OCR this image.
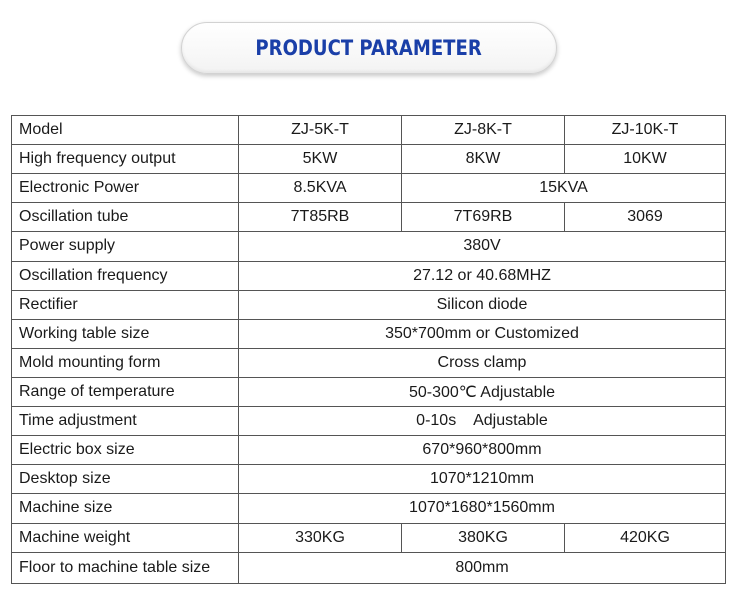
PRODUCT PARAMETER
Model	ZJ-5K-T	ZJ-8K-T	ZJ-10K-T
High frequency output	5KW	8KW	10KW
Electronic Power	8.5KVA	15KVA	
Oscillation tube	7T85RB	7T69RB	3069
Power supply	380V		
Oscillation frequency	27.12 or 40.68MHZ		
Rectifier	Silicon diode		
Working table size	350*700mm or Customized		
Mold mounting form	Cross clamp		
Range of temperature	50-300℃ Adjustable		
Time adjustment	0-10s    Adjustable		
Electric box size	670*960*800mm		
Desktop size	1070*1210mm		
Machine size	1070*1680*1560mm		
Machine weight	330KG	380KG	420KG
Floor to machine table size	800mm		
